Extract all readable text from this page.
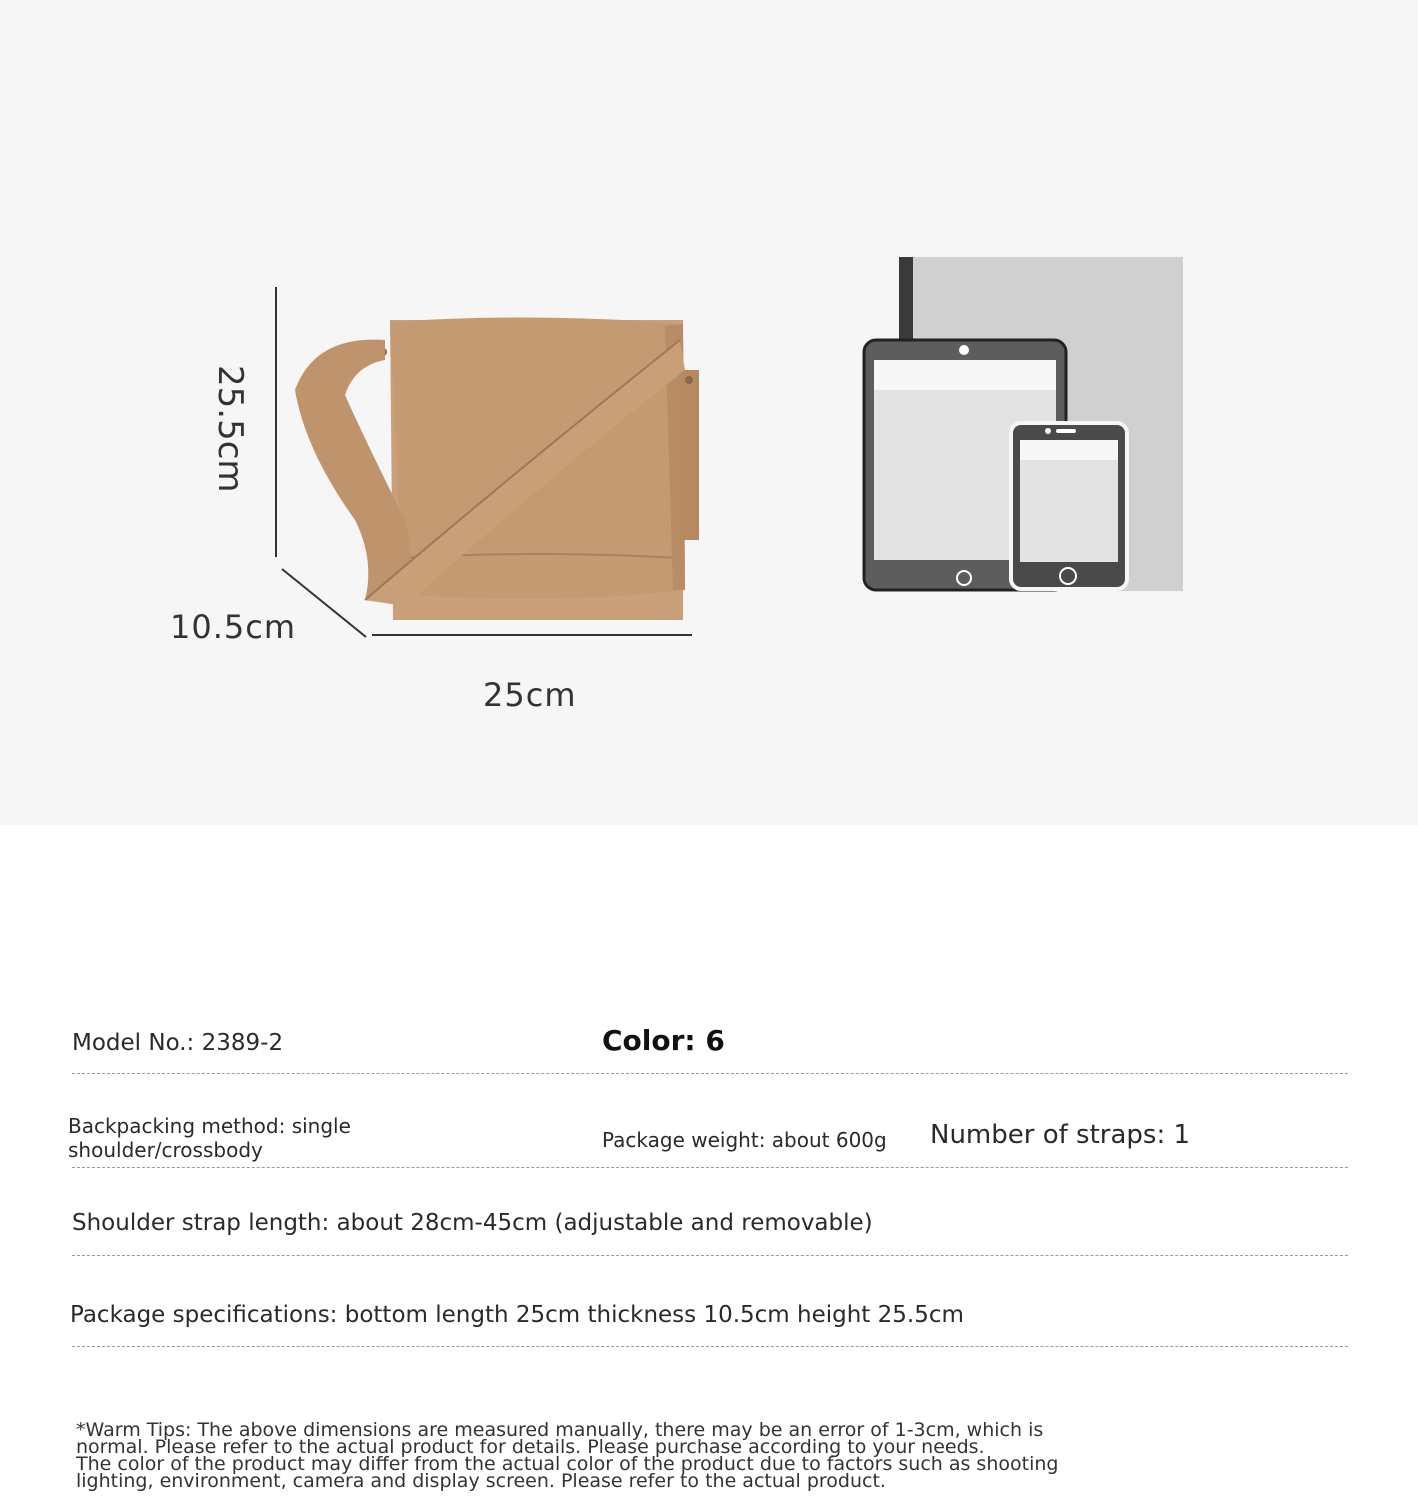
25.5cm
10.5cm
25cm
Model No.: 2389-2	Color: 6
Backpacking method: single
shoulder/crossbody	Package weight: about 600g Number of straps: 1
Shoulder strap length: about 28cm-45cm (adjustable and removable)
Package specifications: bottom length 25cm thickness 10.5cm height 25.5cm
*Warm Tips: The above dimensions are measured manually, there may be an error of 1-3cm, which is
normal. Please refer to the actual product for details. Please purchase according to your needs.
The color of the product may differ from the actual color of the product due to factors such as shooting
lighting, environment, camera and display screen. Please refer to the actual product.
